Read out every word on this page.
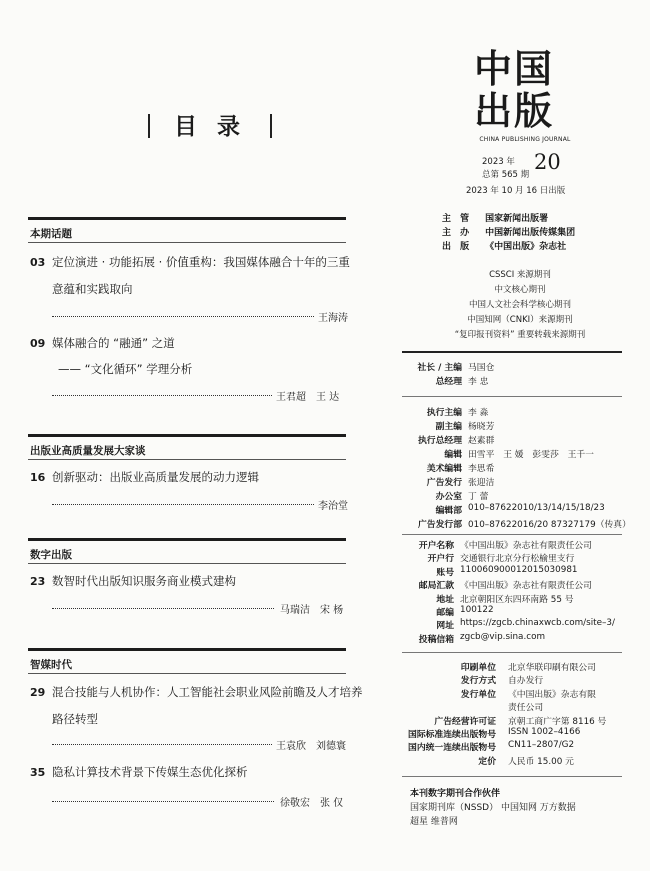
目 录
本期话题
03 定位演进 · 功能拓展 · 价值重构：我国媒体融合十年的三重
意蕴和实践取向
王海涛
09 媒体融合的 “融通” 之道
—— “文化循环” 学理分析
王君超　王 达
出版业高质量发展大家谈
16 创新驱动：出版业高质量发展的动力逻辑
李治堂
数字出版
23 数智时代出版知识服务商业模式建构
马瑞洁　宋 杨
智媒时代
29 混合技能与人机协作：人工智能社会职业风险前瞻及人才培养
路径转型
王袁欣　刘德寰
35 隐私计算技术背景下传媒生态优化探析
徐敬宏　张 仅
中国
出版
CHINA PUBLISHING JOURNAL
2023 年
总第 565 期
20
2023 年 10 月 16 日出版
主 管 国家新闻出版署
主 办 中国新闻出版传媒集团
出 版 《中国出版》杂志社
CSSCI 来源期刊
中文核心期刊
中国人文社会科学核心期刊
中国知网（CNKI）来源期刊
“复印报刊资料” 重要转载来源期刊
社长 / 主编 马国仓
总经理 李 忠
执行主编 李 淼
副主编 杨晓芳
执行总经理 赵素群
编辑 田雪平　王 媛　彭雯莎　王千一
美术编辑 李思希
广告发行 张迎洁
办公室 丁 蕾
编辑部 010–87622010/13/14/15/18/23
广告发行部 010–87622016/20 87327179（传真）
开户名称 《中国出版》杂志社有限责任公司
开户行 交通银行北京分行松榆里支行
账号 110060900012015030981
邮局汇款 《中国出版》杂志社有限责任公司
地址 北京朝阳区东四环南路 55 号
邮编 100122
网址 https://zgcb.chinaxwcb.com/site–3/
投稿信箱 zgcb@vip.sina.com
印刷单位 北京华联印刷有限公司
发行方式 自办发行
发行单位 《中国出版》杂志有限
责任公司
广告经营许可证 京朝工商广字第 8116 号
国际标准连续出版物号 ISSN 1002–4166
国内统一连续出版物号 CN11–2807/G2
定价 人民币 15.00 元
本刊数字期刊合作伙伴
国家期刊库（NSSD） 中国知网 万方数据
超星 维普网
